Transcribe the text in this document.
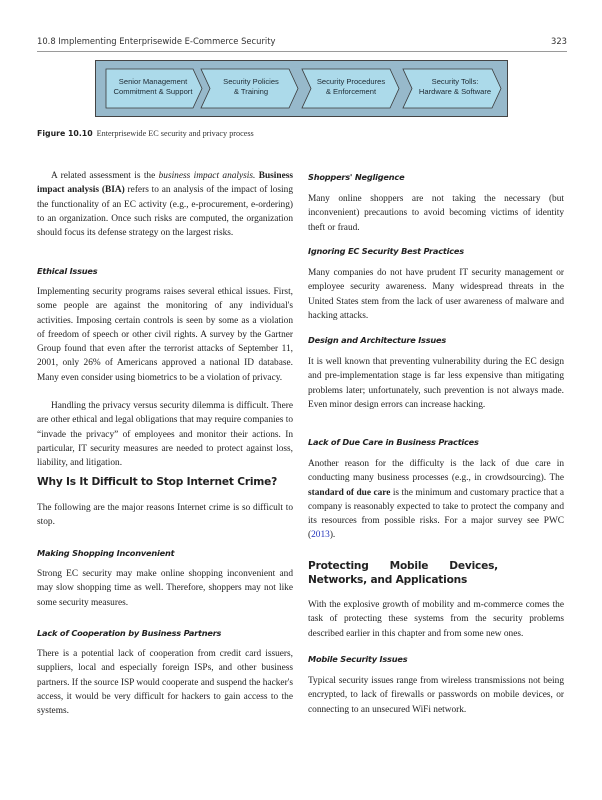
10.8 Implementing Enterprisewide E-Commerce Security	323
Senior Management
Commitment & Support
Security Policies
& Training
Security Procedures
& Enforcement
Security Tolls:
Hardware & Software
Figure 10.10 Enterprisewide EC security and privacy process

A related assessment is the business impact analysis. Business impact analysis (BIA) refers to an analysis of the impact of losing the functionality of an EC activity (e.g., e-procurement, e-ordering) to an organization. Once such risks are computed, the organization should focus its defense strategy on the largest risks.

Ethical Issues

Implementing security programs raises several ethical issues. First, some people are against the monitoring of any individual's activities. Imposing certain controls is seen by some as a violation of freedom of speech or other civil rights. A survey by the Gartner Group found that even after the terrorist attacks of September 11, 2001, only 26% of Americans approved a national ID database. Many even consider using biometrics to be a violation of privacy.

Handling the privacy versus security dilemma is difficult. There are other ethical and legal obligations that may require companies to “invade the privacy” of employees and monitor their actions. In particular, IT security measures are needed to protect against loss, liability, and litigation.

Why Is It Difficult to Stop Internet Crime?

The following are the major reasons Internet crime is so difficult to stop.

Making Shopping Inconvenient

Strong EC security may make online shopping inconvenient and may slow shopping time as well. Therefore, shoppers may not like some security measures.

Lack of Cooperation by Business Partners

There is a potential lack of cooperation from credit card issuers, suppliers, local and especially foreign ISPs, and other business partners. If the source ISP would cooperate and suspend the hacker's access, it would be very difficult for hackers to gain access to the systems.

Shoppers' Negligence

Many online shoppers are not taking the necessary (but inconvenient) precautions to avoid becoming victims of identity theft or fraud.

Ignoring EC Security Best Practices

Many companies do not have prudent IT security management or employee security awareness. Many widespread threats in the United States stem from the lack of user awareness of malware and hacking attacks.

Design and Architecture Issues

It is well known that preventing vulnerability during the EC design and pre-implementation stage is far less expensive than mitigating problems later; unfortunately, such prevention is not always made. Even minor design errors can increase hacking.

Lack of Due Care in Business Practices

Another reason for the difficulty is the lack of due care in conducting many business processes (e.g., in crowdsourcing). The standard of due care is the minimum and customary practice that a company is reasonably expected to take to protect the company and its resources from possible risks. For a major survey see PWC (2013).

Protecting Mobile Devices, Networks, and Applications

With the explosive growth of mobility and m-commerce comes the task of protecting these systems from the security problems described earlier in this chapter and from some new ones.

Mobile Security Issues

Typical security issues range from wireless transmissions not being encrypted, to lack of firewalls or passwords on mobile devices, or connecting to an unsecured WiFi network.
